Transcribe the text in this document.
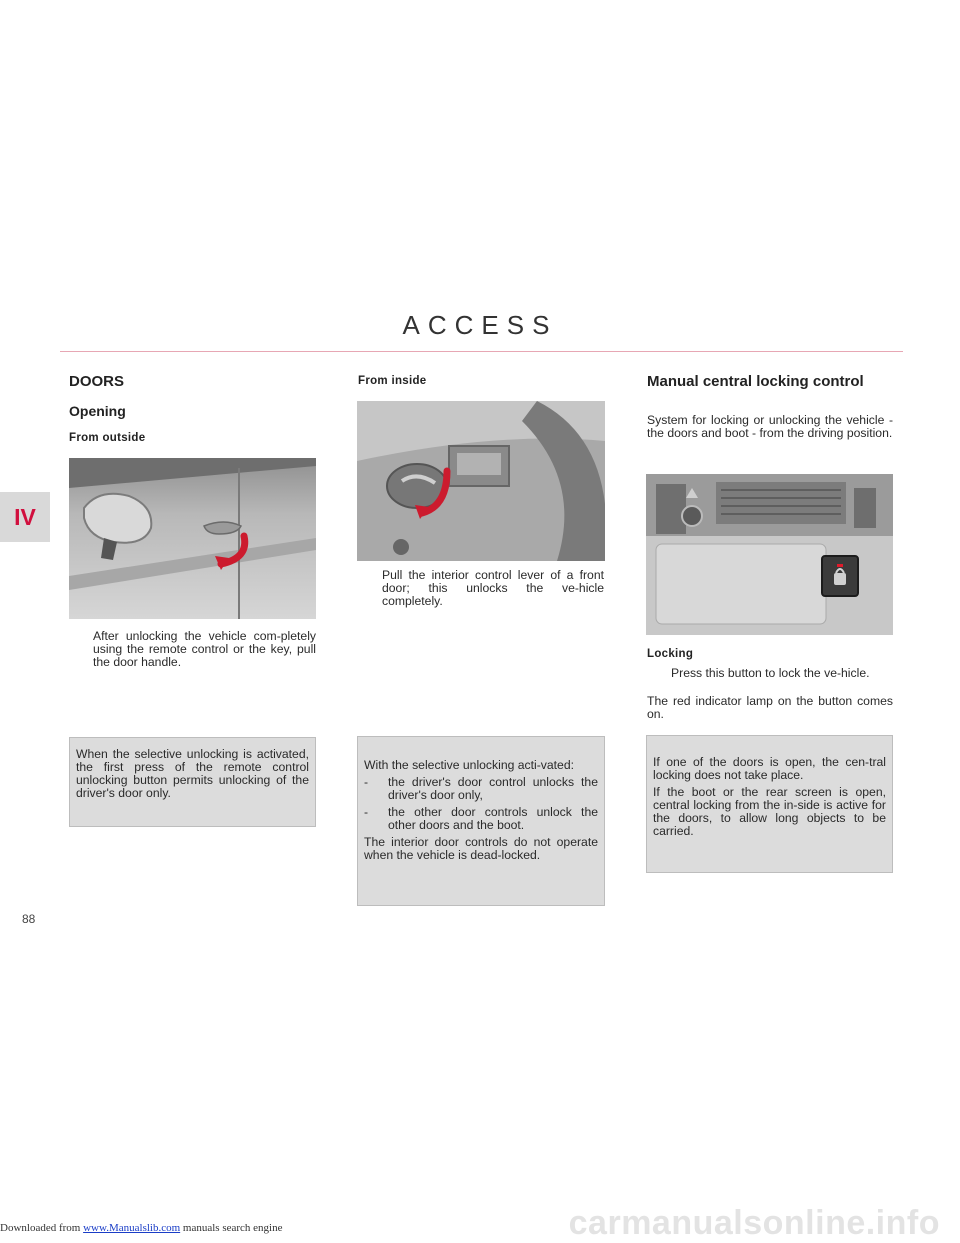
ACCESS
IV
88
DOORS
Opening
From outside
After unlocking the vehicle com-pletely using the remote control or the key, pull the door handle.

When the selective unlocking is activated, the first press of the remote control unlocking button permits unlocking of the driver's door only.

From inside
Pull the interior control lever of a front door; this unlocks the ve-hicle completely.

With the selective unlocking acti-vated:

-	the driver's door control unlocks the driver's door only,
-	the other door controls unlock the other doors and the boot.

The interior door controls do not operate when the vehicle is dead-locked.

Manual central locking control
System for locking or unlocking the vehicle - the doors and boot - from the driving position.
Locking
Press this button to lock the ve-hicle.
The red indicator lamp on the button comes on.

If one of the doors is open, the cen-tral locking does not take place.

If the boot or the rear screen is open, central locking from the in-side is active for the doors, to allow long objects to be carried.

Downloaded from www.Manualslib.com manuals search engine	carmanualsonline.info
